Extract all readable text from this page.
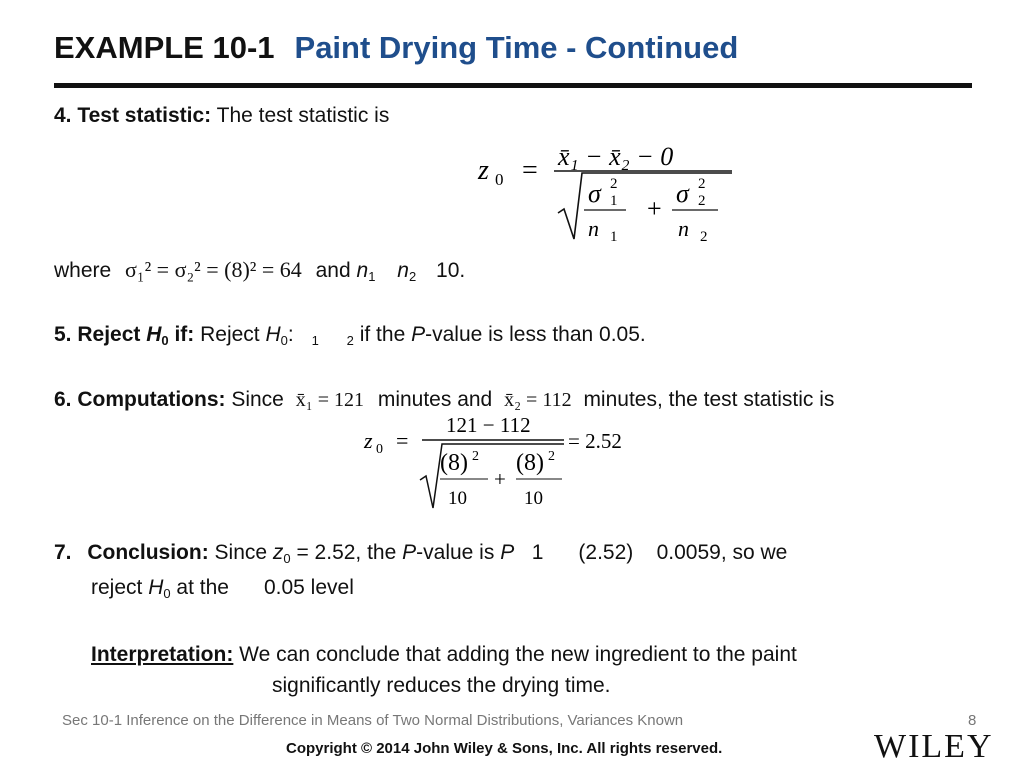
EXAMPLE 10-1 Paint Drying Time - Continued
4. Test statistic: The test statistic is
z 0 = x̄₁ − x̄₂ − 0
σ 2
1
n 1
+
σ 2
2
n 2
where σ₁² = σ₂² = (8)² = 64 and $n_1$ $n_2$ 10.
5. Reject $H_0$ if: Reject $H_0$: $_1$ $_2$ if the P-value is less than 0.05.
6. Computations: Since x̄₁ = 121 minutes and x̄₂ = 112 minutes, the test statistic is
z 0 =
121 − 112
(8) 2
10
+
(8) 2
10
= 2.52
7. Conclusion: Since $z_0 = 2.52$, the P-value is P   1      (2.52)    0.0059, so we
reject $H_0$ at the      0.05 level
Interpretation: We can conclude that adding the new ingredient to the paint
significantly reduces the drying time.
Sec 10-1 Inference on the Difference in Means of Two Normal Distributions, Variances Known	8
Copyright © 2014 John Wiley & Sons, Inc. All rights reserved.	WILEY
